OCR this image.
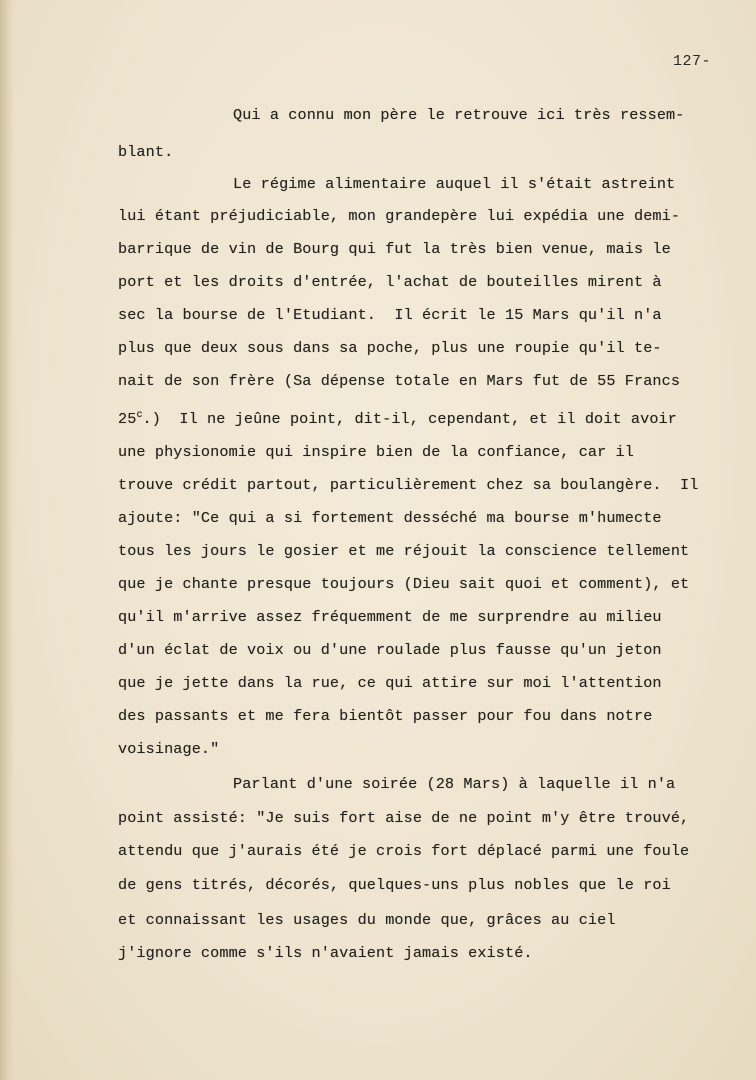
127-
Qui a connu mon père le retrouve ici très ressem-
blant.
Le régime alimentaire auquel il s'était astreint
lui étant préjudiciable, mon grandepère lui expédia une demi-
barrique de vin de Bourg qui fut la très bien venue, mais le
port et les droits d'entrée, l'achat de bouteilles mirent à
sec la bourse de l'Etudiant.  Il écrit le 15 Mars qu'il n'a
plus que deux sous dans sa poche, plus une roupie qu'il te-
nait de son frère (Sa dépense totale en Mars fut de 55 Francs
25$^c$.)  Il ne jeûne point, dit-il, cependant, et il doit avoir
une physionomie qui inspire bien de la confiance, car il
trouve crédit partout, particulièrement chez sa boulangère.  Il
ajoute: "Ce qui a si fortement desséché ma bourse m'humecte
tous les jours le gosier et me réjouit la conscience tellement
que je chante presque toujours (Dieu sait quoi et comment), et
qu'il m'arrive assez fréquemment de me surprendre au milieu
d'un éclat de voix ou d'une roulade plus fausse qu'un jeton
que je jette dans la rue, ce qui attire sur moi l'attention
des passants et me fera bientôt passer pour fou dans notre
voisinage."
Parlant d'une soirée (28 Mars) à laquelle il n'a
point assisté: "Je suis fort aise de ne point m'y être trouvé,
attendu que j'aurais été je crois fort déplacé parmi une foule
de gens titrés, décorés, quelques-uns plus nobles que le roi
et connaissant les usages du monde que, grâces au ciel
j'ignore comme s'ils n'avaient jamais existé.
